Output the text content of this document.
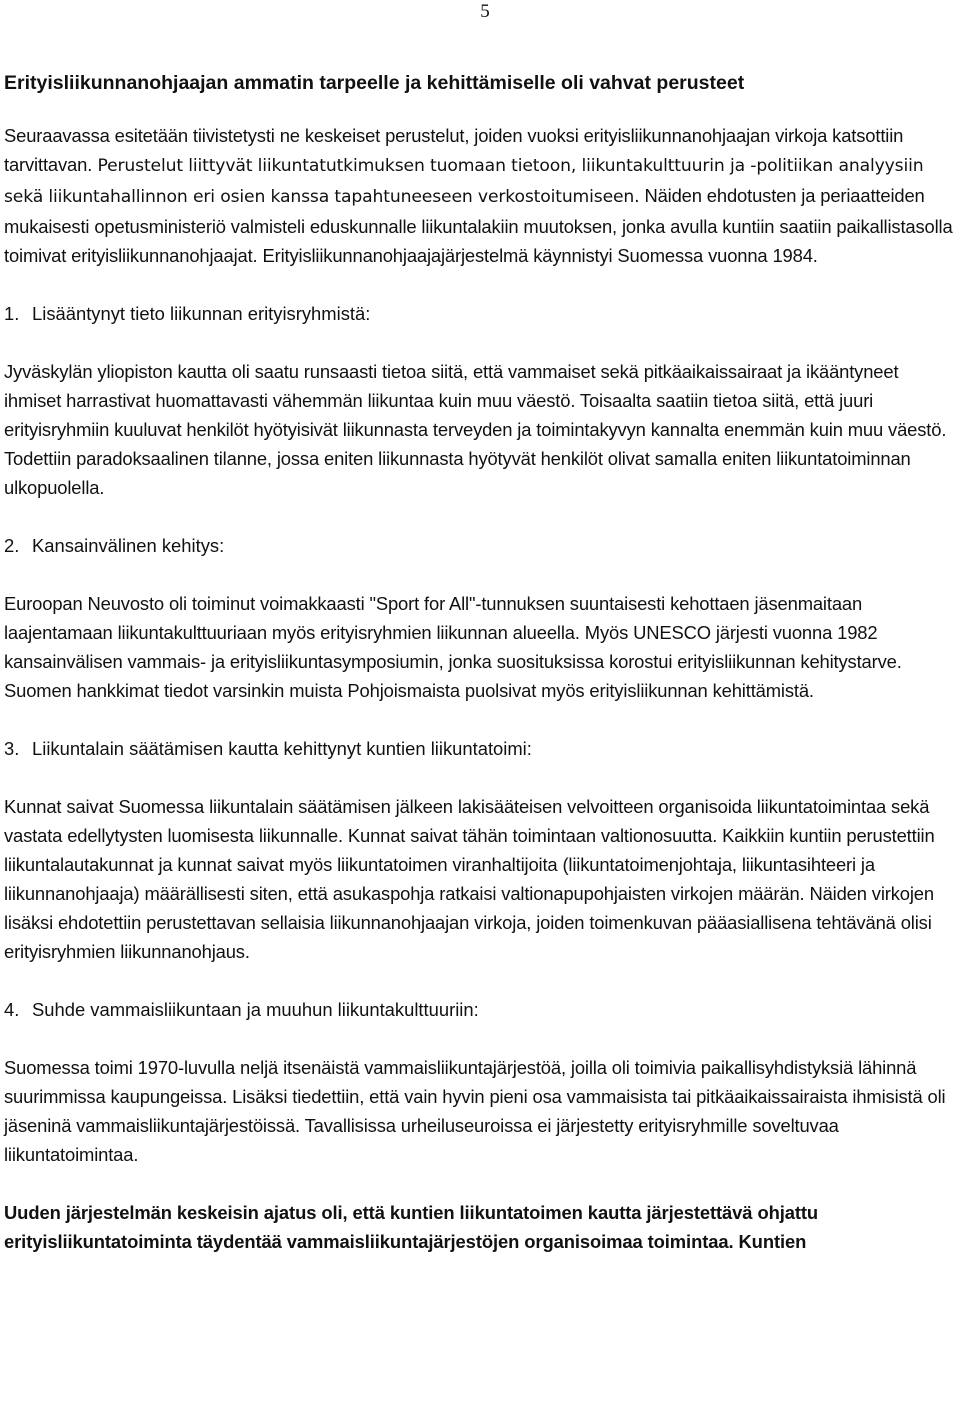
5
Erityisliikunnanohjaajan ammatin tarpeelle ja kehittämiselle oli vahvat perusteet

Seuraavassa esitetään tiivistetysti ne keskeiset perustelut, joiden vuoksi erityisliikunnanohjaajan virkoja katsottiin tarvittavan. Perustelut liittyvät liikuntatutkimuksen tuomaan tietoon, liikuntakulttuurin ja -politiikan analyysiin sekä liikuntahallinnon eri osien kanssa tapahtuneeseen verkostoitumiseen. Näiden ehdotusten ja periaatteiden mukaisesti opetusministeriö valmisteli eduskunnalle liikuntalakiin muutoksen, jonka avulla kuntiin saatiin paikallistasolla toimivat erityisliikunnanohjaajat. Erityisliikunnanohjaajajärjestelmä käynnistyi Suomessa vuonna 1984.

1. Lisääntynyt tieto liikunnan erityisryhmistä:

Jyväskylän yliopiston kautta oli saatu runsaasti tietoa siitä, että vammaiset sekä pitkäaikaissairaat ja ikääntyneet ihmiset harrastivat huomattavasti vähemmän liikuntaa kuin muu väestö. Toisaalta saatiin tietoa siitä, että juuri erityisryhmiin kuuluvat henkilöt hyötyisivät liikunnasta terveyden ja toimintakyvyn kannalta enemmän kuin muu väestö. Todettiin paradoksaalinen tilanne, jossa eniten liikunnasta hyötyvät henkilöt olivat samalla eniten liikuntatoiminnan ulkopuolella.

2. Kansainvälinen kehitys:

Euroopan Neuvosto oli toiminut voimakkaasti "Sport for All"-tunnuksen suuntaisesti kehottaen jäsenmaitaan laajentamaan liikuntakulttuuriaan myös erityisryhmien liikunnan alueella. Myös UNESCO järjesti vuonna 1982 kansainvälisen vammais- ja erityisliikuntasymposiumin, jonka suosituksissa korostui erityisliikunnan kehitystarve. Suomen hankkimat tiedot varsinkin muista Pohjoismaista puolsivat myös erityisliikunnan kehittämistä.

3. Liikuntalain säätämisen kautta kehittynyt kuntien liikuntatoimi:

Kunnat saivat Suomessa liikuntalain säätämisen jälkeen lakisääteisen velvoitteen organisoida liikuntatoimintaa sekä vastata edellytysten luomisesta liikunnalle. Kunnat saivat tähän toimintaan valtionosuutta. Kaikkiin kuntiin perustettiin liikuntalautakunnat ja kunnat saivat myös liikuntatoimen viranhaltijoita (liikuntatoimenjohtaja, liikuntasihteeri ja liikunnanohjaaja) määrällisesti siten, että asukaspohja ratkaisi valtionapupohjaisten virkojen määrän. Näiden virkojen lisäksi ehdotettiin perustettavan sellaisia liikunnanohjaajan virkoja, joiden toimenkuvan pääasiallisena tehtävänä olisi erityisryhmien liikunnanohjaus.

4. Suhde vammaisliikuntaan ja muuhun liikuntakulttuuriin:

Suomessa toimi 1970-luvulla neljä itsenäistä vammaisliikuntajärjestöä, joilla oli toimivia paikallisyhdistyksiä lähinnä suurimmissa kaupungeissa. Lisäksi tiedettiin, että vain hyvin pieni osa vammaisista tai pitkäaikaissairaista ihmisistä oli jäseninä vammaisliikuntajärjestöissä. Tavallisissa urheiluseuroissa ei järjestetty erityisryhmille soveltuvaa liikuntatoimintaa.

Uuden järjestelmän keskeisin ajatus oli, että kuntien liikuntatoimen kautta järjestettävä ohjattu erityisliikuntatoiminta täydentää vammaisliikuntajärjestöjen organisoimaa toimintaa. Kuntien
